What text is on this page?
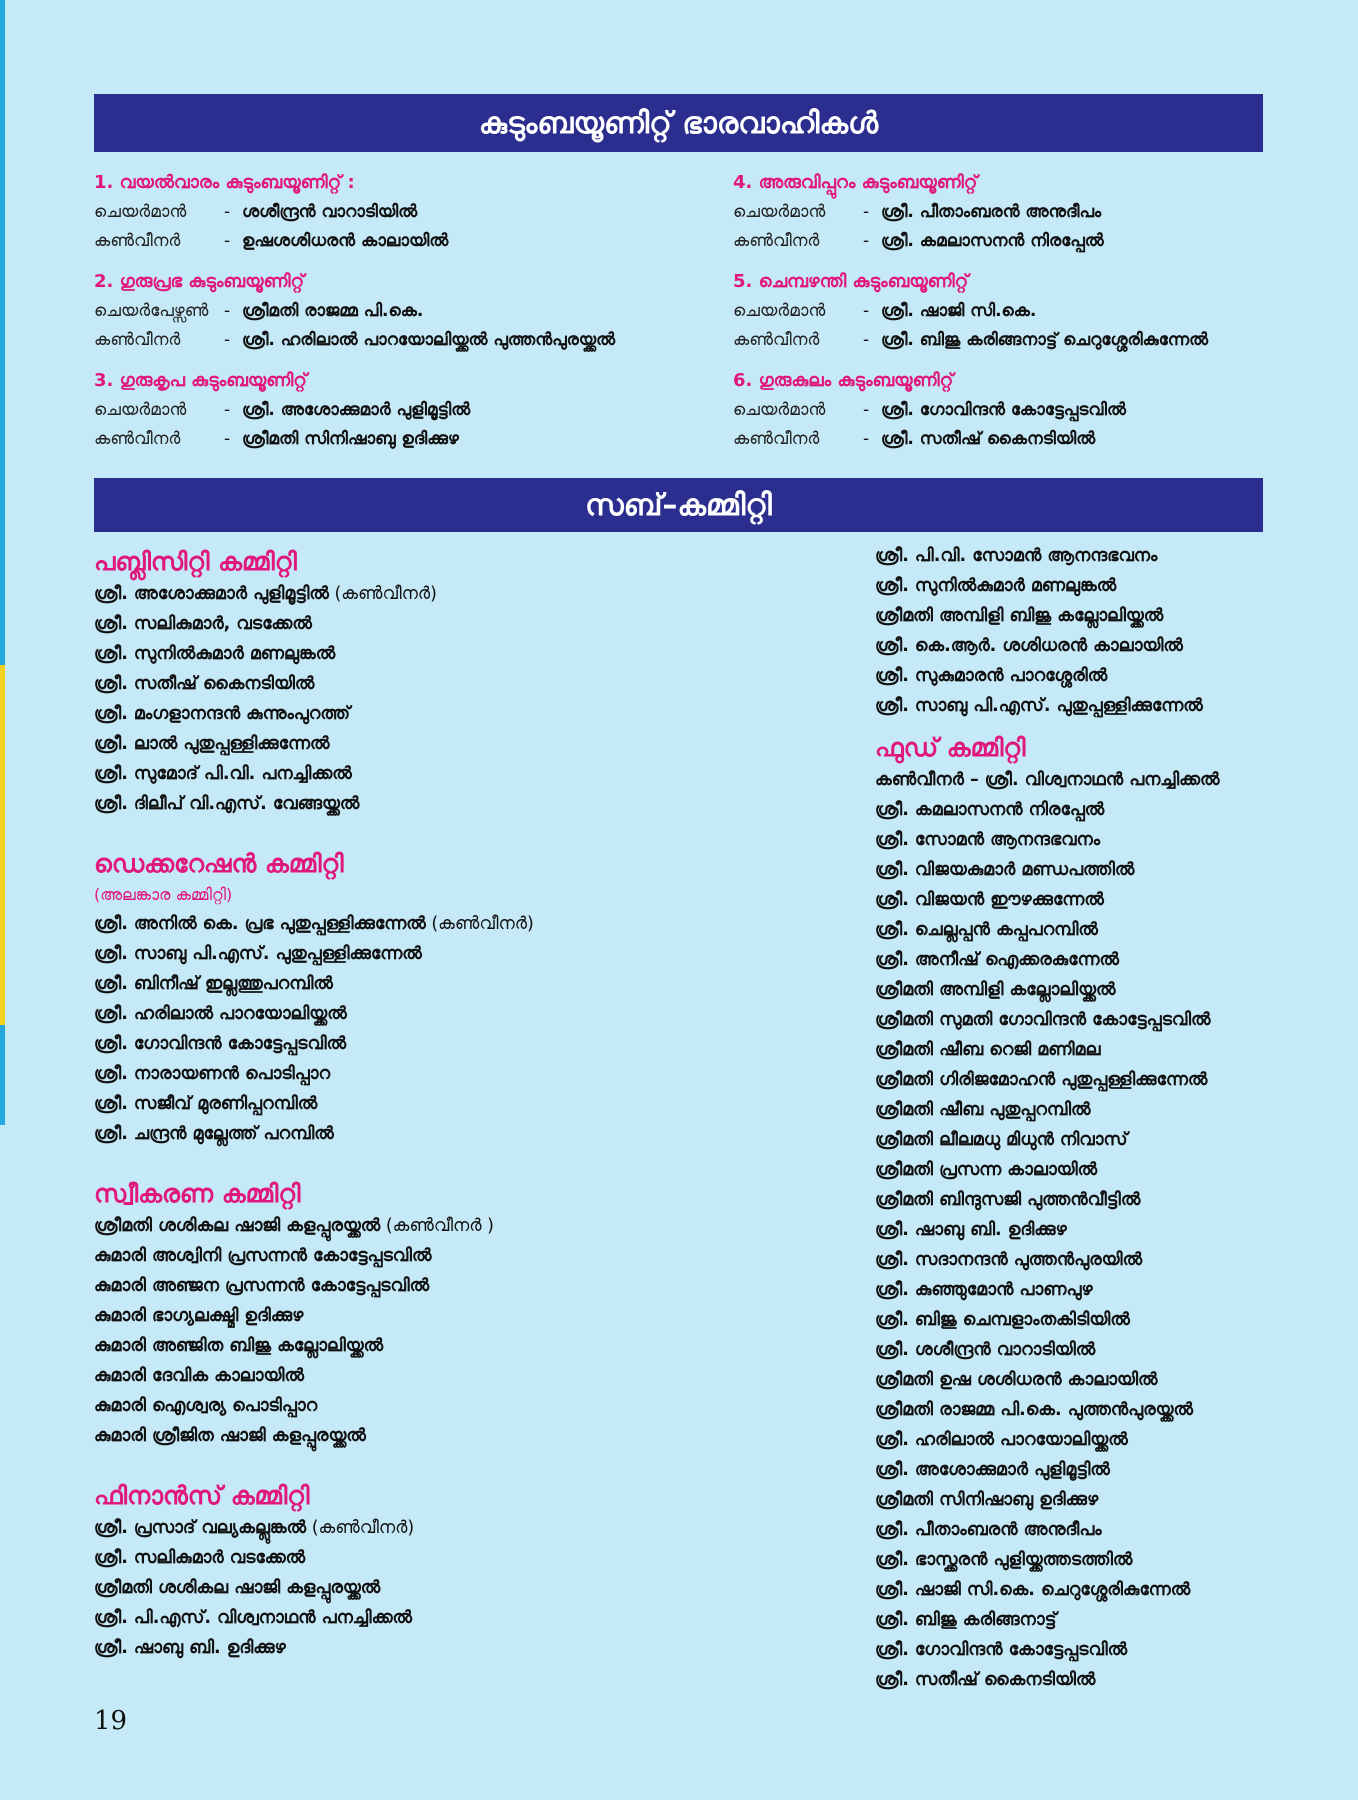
കുടുംബയൂണിറ്റ് ഭാരവാഹികൾ
1. വയൽവാരം കുടുംബയൂണിറ്റ് :
ചെയർമാൻ	- ശശീന്ദ്രൻ വാറാടിയിൽ
കൺവീനർ	- ഉഷശശിധരൻ കാലായിൽ
2. ഗുരുപ്രഭ കുടുംബയൂണിറ്റ്
ചെയർപേഴ്സൺ - ശ്രീമതി രാജമ്മ പി.കെ.
കൺവീനർ	- ശ്രീ. ഹരിലാൽ പാറയോലിയ്ക്കൽ പുത്തൻപുരയ്ക്കൽ
3. ഗുരുകൃപ കുടുംബയൂണിറ്റ്
ചെയർമാൻ	- ശ്രീ. അശോക്കുമാർ പുളിമൂട്ടിൽ
കൺവീനർ	- ശ്രീമതി സിനിഷാബു ഉദിക്കുഴ
4. അരുവിപ്പുറം കുടുംബയൂണിറ്റ്
ചെയർമാൻ	- ശ്രീ. പീതാംബരൻ അനുദീപം
കൺവീനർ	- ശ്രീ. കമലാസനൻ നിരപ്പേൽ
5. ചെമ്പഴന്തി കുടുംബയൂണിറ്റ്
ചെയർമാൻ	- ശ്രീ. ഷാജി സി.കെ.
കൺവീനർ	- ശ്രീ. ബിജു കരിങ്ങനാട്ട് ചെറുശ്ശേരികുന്നേൽ
6. ഗുരുകുലം കുടുംബയൂണിറ്റ്
ചെയർമാൻ	- ശ്രീ. ഗോവിന്ദൻ കോട്ടേപ്പടവിൽ
കൺവീനർ	- ശ്രീ. സതീഷ് കൈനടിയിൽ
സബ്–കമ്മിറ്റി
പബ്ലിസിറ്റി കമ്മിറ്റി
ശ്രീ. അശോക്കുമാർ പുളിമൂട്ടിൽ (കൺവീനർ)
ശ്രീ. സലികുമാർ, വടക്കേൽ
ശ്രീ. സുനിൽകുമാർ മണലുങ്കൽ
ശ്രീ. സതീഷ് കൈനടിയിൽ
ശ്രീ. മംഗളാനന്ദൻ കുന്നുംപുറത്ത്
ശ്രീ. ലാൽ പുതുപ്പള്ളിക്കുന്നേൽ
ശ്രീ. സുമോദ് പി.വി. പനച്ചിക്കൽ
ശ്രീ. ദിലീപ് വി.എസ്. വേങ്ങയ്ക്കൽ
ഡെക്കറേഷൻ കമ്മിറ്റി
(അലങ്കാര കമ്മിറ്റി)
ശ്രീ. അനിൽ കെ. പ്രഭ പുതുപ്പള്ളിക്കുന്നേൽ (കൺവീനർ)
ശ്രീ. സാബു പി.എസ്. പുതുപ്പള്ളിക്കുന്നേൽ
ശ്രീ. ബിനീഷ് ഇല്ലത്തുപറമ്പിൽ
ശ്രീ. ഹരിലാൽ പാറയോലിയ്ക്കൽ
ശ്രീ. ഗോവിന്ദൻ കോട്ടേപ്പടവിൽ
ശ്രീ. നാരായണൻ പൊടിപ്പാറ
ശ്രീ. സജീവ് മുരണിപ്പറമ്പിൽ
ശ്രീ. ചന്ദ്രൻ മുല്ലേത്ത് പറമ്പിൽ
സ്വീകരണ കമ്മിറ്റി
ശ്രീമതി ശശികല ഷാജി കളപ്പുരയ്ക്കൽ (കൺവീനർ )
കുമാരി അശ്വിനി പ്രസന്നൻ കോട്ടേപ്പടവിൽ
കുമാരി അഞ്ജന പ്രസന്നൻ കോട്ടേപ്പടവിൽ
കുമാരി ഭാഗ്യലക്ഷ്മി ഉദിക്കുഴ
കുമാരി അഞ്ജിത ബിജു കല്ലോലിയ്ക്കൽ
കുമാരി ദേവിക കാലായിൽ
കുമാരി ഐശ്വര്യ പൊടിപ്പാറ
കുമാരി ശ്രീജിത ഷാജി കളപ്പുരയ്ക്കൽ
ഫിനാൻസ് കമ്മിറ്റി
ശ്രീ. പ്രസാദ് വല്യകല്ലുങ്കൽ (കൺവീനർ)
ശ്രീ. സലികുമാർ വടക്കേൽ
ശ്രീമതി ശശികല ഷാജി കളപ്പുരയ്ക്കൽ
ശ്രീ. പി.എസ്. വിശ്വനാഥൻ പനച്ചിക്കൽ
ശ്രീ. ഷാബു ബി. ഉദിക്കുഴ
ശ്രീ. പി.വി. സോമൻ ആനന്ദഭവനം
ശ്രീ. സുനിൽകുമാർ മണലുങ്കൽ
ശ്രീമതി അമ്പിളി ബിജു കല്ലോലിയ്ക്കൽ
ശ്രീ. കെ.ആർ. ശശിധരൻ കാലായിൽ
ശ്രീ. സുകുമാരൻ പാറശ്ശേരിൽ
ശ്രീ. സാബു പി.എസ്. പുതുപ്പള്ളിക്കുന്നേൽ
ഫുഡ് കമ്മിറ്റി
കൺവീനർ – ശ്രീ. വിശ്വനാഥൻ പനച്ചിക്കൽ
ശ്രീ. കമലാസനൻ നിരപ്പേൽ
ശ്രീ. സോമൻ ആനന്ദഭവനം
ശ്രീ. വിജയകുമാർ മണ്ഡപത്തിൽ
ശ്രീ. വിജയൻ ഈഴക്കുന്നേൽ
ശ്രീ. ചെല്ലപ്പൻ കപ്പപറമ്പിൽ
ശ്രീ. അനീഷ് ഐക്കരകുന്നേൽ
ശ്രീമതി അമ്പിളി കല്ലോലിയ്ക്കൽ
ശ്രീമതി സുമതി ഗോവിന്ദൻ കോട്ടേപ്പടവിൽ
ശ്രീമതി ഷീബ റെജി മണിമല
ശ്രീമതി ഗിരിജമോഹൻ പുതുപ്പള്ളിക്കുന്നേൽ
ശ്രീമതി ഷീബ പുതുപ്പറമ്പിൽ
ശ്രീമതി ലീലമധു മിധുൻ നിവാസ്
ശ്രീമതി പ്രസന്ന കാലായിൽ
ശ്രീമതി ബിന്ദുസജി പുത്തൻവീട്ടിൽ
ശ്രീ. ഷാബു ബി. ഉദിക്കുഴ
ശ്രീ. സദാനന്ദൻ പുത്തൻപുരയിൽ
ശ്രീ. കുഞ്ഞുമോൻ പാണപുഴ
ശ്രീ. ബിജു ചെമ്പളാംതകിടിയിൽ
ശ്രീ. ശശീന്ദ്രൻ വാറാടിയിൽ
ശ്രീമതി ഉഷ ശശിധരൻ കാലായിൽ
ശ്രീമതി രാജമ്മ പി.കെ. പുത്തൻപുരയ്ക്കൽ
ശ്രീ. ഹരിലാൽ പാറയോലിയ്ക്കൽ
ശ്രീ. അശോക്കുമാർ പുളിമൂട്ടിൽ
ശ്രീമതി സിനിഷാബു ഉദിക്കുഴ
ശ്രീ. പീതാംബരൻ അനുദീപം
ശ്രീ. ഭാസ്ക്കരൻ പുളിയ്ക്കത്തടത്തിൽ
ശ്രീ. ഷാജി സി.കെ. ചെറുശ്ശേരികുന്നേൽ
ശ്രീ. ബിജു കരിങ്ങനാട്ട്
ശ്രീ. ഗോവിന്ദൻ കോട്ടേപ്പടവിൽ
ശ്രീ. സതീഷ് കൈനടിയിൽ
19
